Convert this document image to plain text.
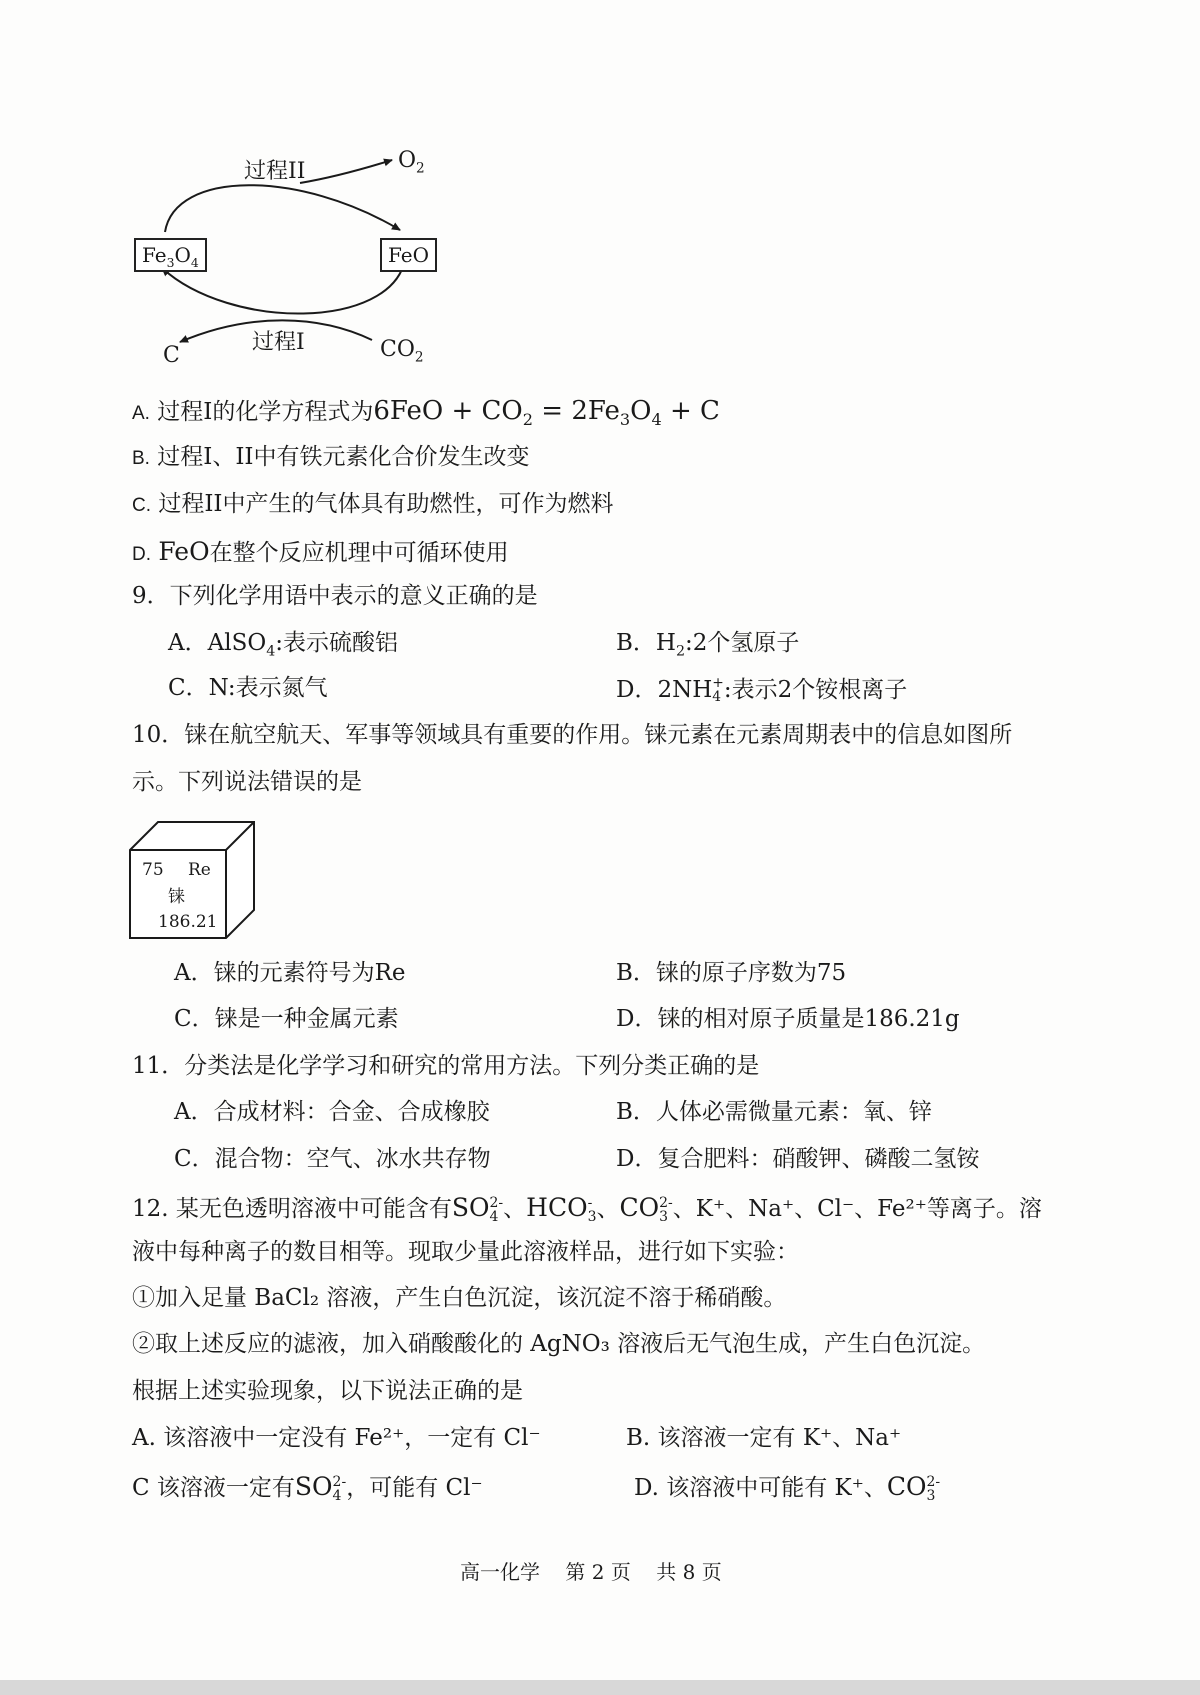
过程II	$O_2$
$Fe_3O_4$	FeO
C
过程I	$CO_2$
A. 过程I的化学方程式为$6FeO + CO_2 = 2Fe_3O_4 + C$
B. 过程I、II中有铁元素化合价发生改变
C. 过程II中产生的气体具有助燃性，可作为燃料
D. FeO在整个反应机理中可循环使用
9．下列化学用语中表示的意义正确的是
A．AlSO$_4$:表示硫酸铝	B．$H_2:2$个氢原子
C．N:表示氮气	D．2NH +
4 :表示2个铵根离子
10．铼在航空航天、军事等领域具有重要的作用。铼元素在元素周期表中的信息如图所
示。下列说法错误的是
75 Re
铼
186.21
A．铼的元素符号为Re	B．铼的原子序数为75
C．铼是一种金属元素	D．铼的相对原子质量是186.21g
11．分类法是化学学习和研究的常用方法。下列分类正确的是
A．合成材料：合金、合成橡胶	B．人体必需微量元素：氧、锌
C．混合物：空气、冰水共存物	D．复合肥料：硝酸钾、磷酸二氢铵
12. 某无色透明溶液中可能含有SO 2-
4 、HCO -
3 、CO 2-
3 、K⁺、Na⁺、Cl⁻、Fe²⁺等离子。溶
液中每种离子的数目相等。现取少量此溶液样品，进行如下实验：
①加入足量 BaCl₂ 溶液，产生白色沉淀，该沉淀不溶于稀硝酸。
②取上述反应的滤液，加入硝酸酸化的 AgNO₃ 溶液后无气泡生成，产生白色沉淀。
根据上述实验现象，以下说法正确的是
A. 该溶液中一定没有 Fe²⁺，一定有 Cl⁻	B. 该溶液一定有 K⁺、Na⁺
C 该溶液一定有SO 2-
4 ，可能有 Cl⁻	D. 该溶液中可能有 K⁺、CO 2-
3
高一化学    第 2 页    共 8 页
